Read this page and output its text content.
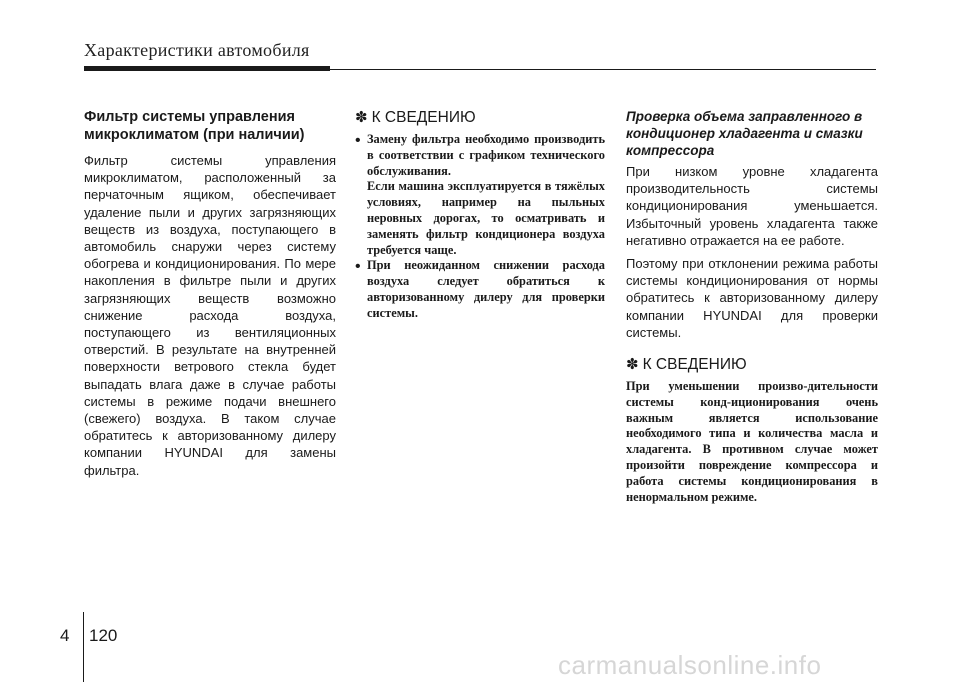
Характеристики автомобиля
Фильтр системы управления микроклиматом (при наличии)

Фильтр системы управления микроклиматом, расположенный за перчаточным ящиком, обеспечивает удаление пыли и других загрязняющих веществ из воздуха, поступающего в автомобиль снаружи через систему обогрева и кондиционирования. По мере накопления в фильтре пыли и других загрязняющих веществ возможно снижение расхода воздуха, поступающего из вентиляционных отверстий. В результате на внутренней поверхности ветрового стекла будет выпадать влага даже в случае работы системы в режиме подачи внешнего (свежего) воздуха. В таком случае обратитесь к авторизованному дилеру компании HYUNDAI для замены фильтра.

✽ К СВЕДЕНИЮ
• Замену фильтра необходимо производить в соответствии с графиком технического обслуживания.

Если машина эксплуатируется в тяжёлых условиях, например на пыльных неровных дорогах, то осматривать и заменять фильтр кондиционера воздуха требуется чаще.

• При неожиданном снижении расхода воздуха следует обратиться к авторизованному дилеру для проверки системы.

Проверка объема заправленного в кондиционер хладагента и смазки компрессора

При низком уровне хладагента производительность системы кондиционирования уменьшается. Избыточный уровень хладагента также негативно отражается на ее работе.

Поэтому при отклонении режима работы системы кондиционирования от нормы обратитесь к авторизованному дилеру компании HYUNDAI для проверки системы.

✽ К СВЕДЕНИЮ

При уменьшении произво-дительности системы конд-иционирования очень важным является использование необходимого типа и количества масла и хладагента. В противном случае может произойти повреждение компрессора и работа системы кондиционирования в ненормальном режиме.

4 120
carmanualsonline.info
